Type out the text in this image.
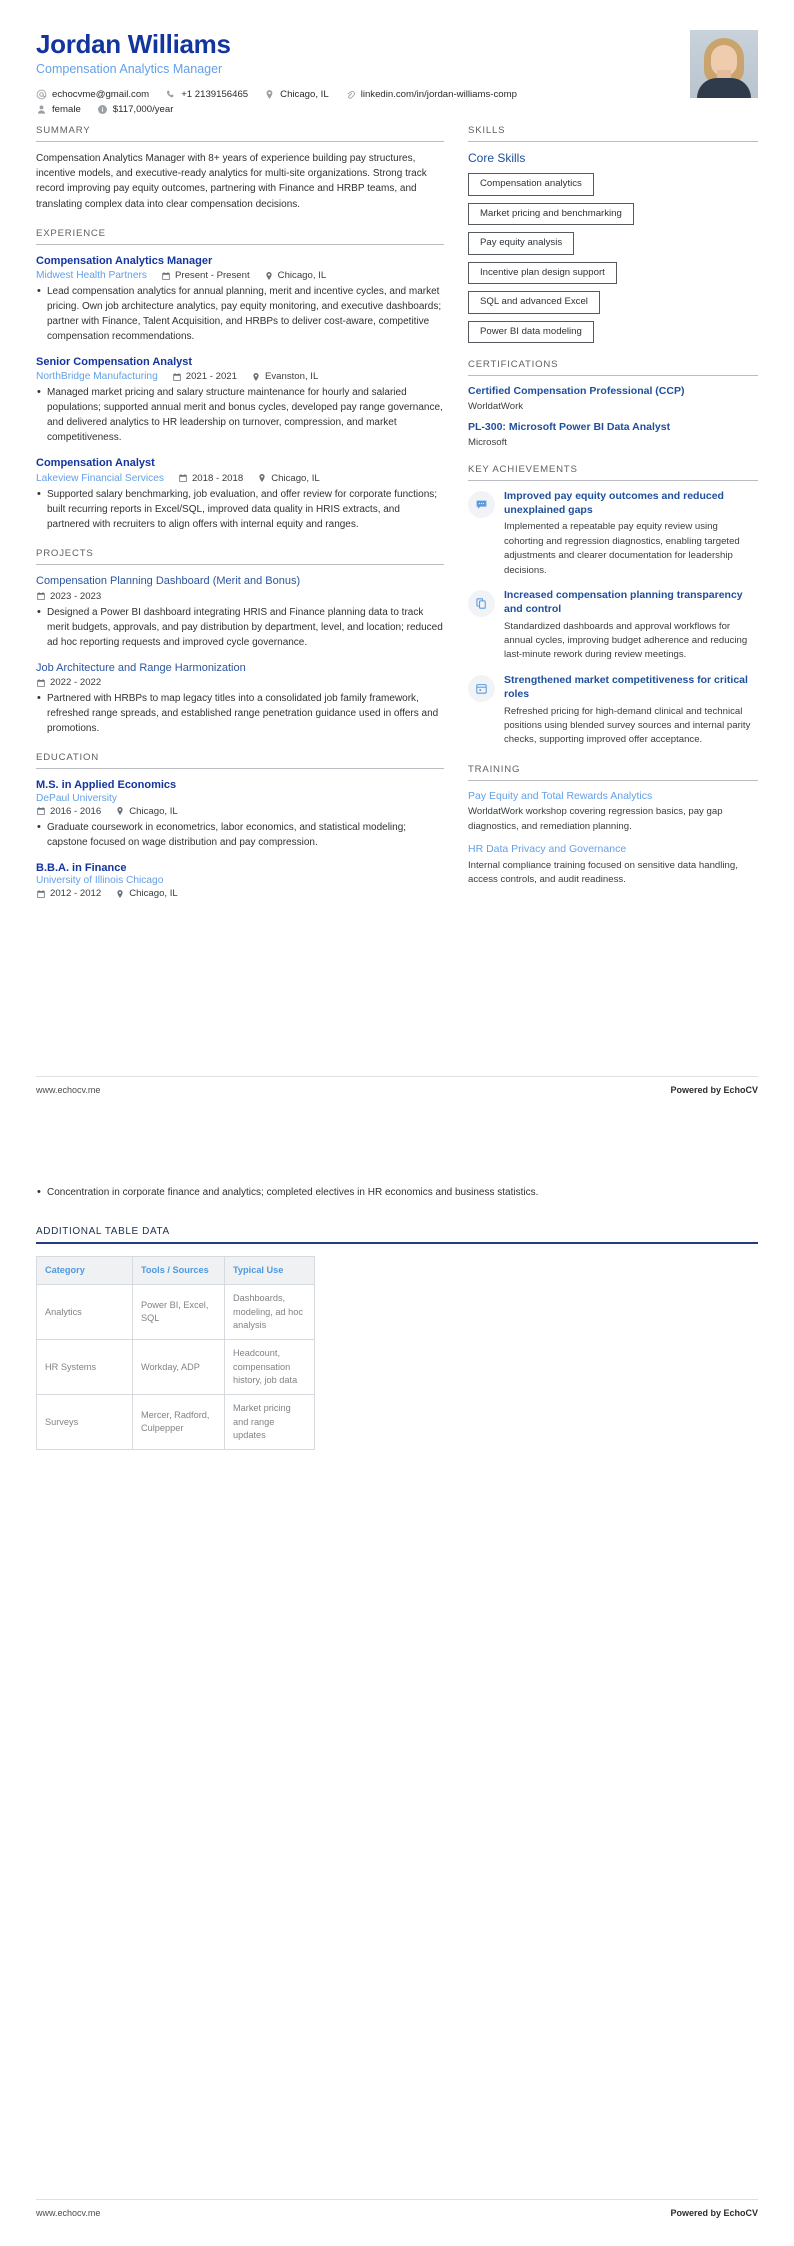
Jordan Williams
Compensation Analytics Manager
echocvme@gmail.com	+1 2139156465	Chicago, IL	linkedin.com/in/jordan-williams-comp
female	$117,000/year
SUMMARY
Compensation Analytics Manager with 8+ years of experience building pay structures, incentive models, and executive-ready analytics for multi-site organizations. Strong track record improving pay equity outcomes, partnering with Finance and HRBP teams, and translating complex data into clear compensation decisions.
EXPERIENCE
Compensation Analytics Manager
Midwest Health Partners	Present - Present	Chicago, IL
• Lead compensation analytics for annual planning, merit and incentive cycles, and market pricing. Own job architecture analytics, pay equity monitoring, and executive dashboards; partner with Finance, Talent Acquisition, and HRBPs to deliver cost-aware, competitive compensation recommendations.
Senior Compensation Analyst
NorthBridge Manufacturing	2021 - 2021	Evanston, IL
• Managed market pricing and salary structure maintenance for hourly and salaried populations; supported annual merit and bonus cycles, developed pay range governance, and delivered analytics to HR leadership on turnover, compression, and market competitiveness.
Compensation Analyst
Lakeview Financial Services	2018 - 2018	Chicago, IL
• Supported salary benchmarking, job evaluation, and offer review for corporate functions; built recurring reports in Excel/SQL, improved data quality in HRIS extracts, and partnered with recruiters to align offers with internal equity and ranges.
PROJECTS
Compensation Planning Dashboard (Merit and Bonus)
2023 - 2023
• Designed a Power BI dashboard integrating HRIS and Finance planning data to track merit budgets, approvals, and pay distribution by department, level, and location; reduced ad hoc reporting requests and improved cycle governance.
Job Architecture and Range Harmonization
2022 - 2022
• Partnered with HRBPs to map legacy titles into a consolidated job family framework, refreshed range spreads, and established range penetration guidance used in offers and promotions.
EDUCATION
M.S. in Applied Economics
DePaul University
2016 - 2016	Chicago, IL
• Graduate coursework in econometrics, labor economics, and statistical modeling; capstone focused on wage distribution and pay compression.
B.B.A. in Finance
University of Illinois Chicago
2012 - 2012	Chicago, IL
SKILLS
Core Skills
Compensation analytics
Market pricing and benchmarking
Pay equity analysis
Incentive plan design support
SQL and advanced Excel
Power BI data modeling
CERTIFICATIONS
Certified Compensation Professional (CCP)
WorldatWork
PL-300: Microsoft Power BI Data Analyst
Microsoft
KEY ACHIEVEMENTS
Improved pay equity outcomes and reduced unexplained gaps
Implemented a repeatable pay equity review using cohorting and regression diagnostics, enabling targeted adjustments and clearer documentation for leadership decisions.
Increased compensation planning transparency and control
Standardized dashboards and approval workflows for annual cycles, improving budget adherence and reducing last-minute rework during review meetings.
Strengthened market competitiveness for critical roles
Refreshed pricing for high-demand clinical and technical positions using blended survey sources and internal parity checks, supporting improved offer acceptance.
TRAINING
Pay Equity and Total Rewards Analytics
WorldatWork workshop covering regression basics, pay gap diagnostics, and remediation planning.
HR Data Privacy and Governance
Internal compliance training focused on sensitive data handling, access controls, and audit readiness.
www.echocv.me	Powered by EchoCV
• Concentration in corporate finance and analytics; completed electives in HR economics and business statistics.
ADDITIONAL TABLE DATA
Category	Tools / Sources	Typical Use
Analytics	Power BI, Excel, SQL	Dashboards, modeling, ad hoc analysis
HR Systems	Workday, ADP	Headcount, compensation history, job data
Surveys	Mercer, Radford, Culpepper	Market pricing and range updates
www.echocv.me	Powered by EchoCV
